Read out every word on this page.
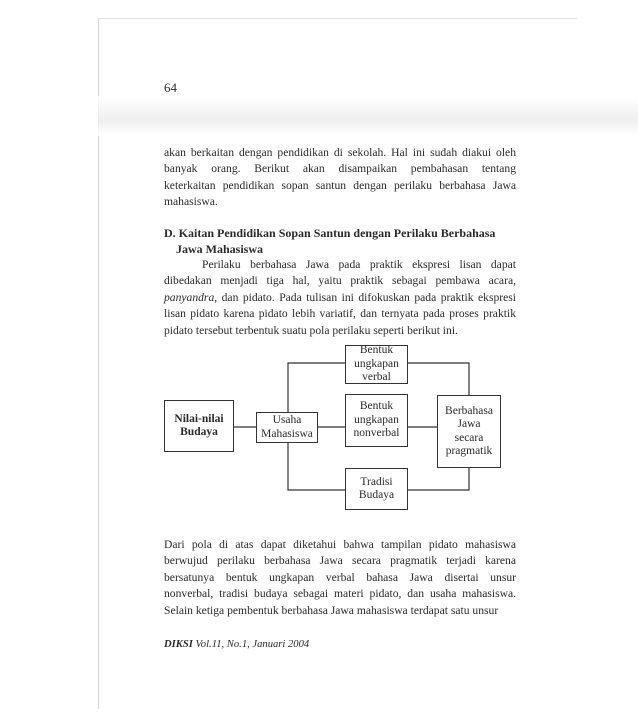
64

akan berkaitan dengan pendidikan di sekolah. Hal ini sudah diakui oleh
banyak orang. Berikut akan disampaikan pembahasan tentang
keterkaitan pendidikan sopan santun dengan perilaku berbahasa Jawa
mahasiswa.

D. Kaitan Pendidikan Sopan Santun dengan Perilaku Berbahasa
Jawa Mahasiswa

Perilaku berbahasa Jawa pada praktik ekspresi lisan dapat
dibedakan menjadi tiga hal, yaitu praktik sebagai pembawa acara,
panyandra, dan pidato. Pada tulisan ini difokuskan pada praktik ekspresi
lisan pidato karena pidato lebih variatif, dan ternyata pada proses praktik
pidato tersebut terbentuk suatu pola perilaku seperti berikut ini.

Nilai-nilai
Budaya
Usaha
Mahasiswa
Bentuk
ungkapan
verbal
Bentuk
ungkapan
nonverbal
Tradisi
Budaya
Berbahasa
Jawa
secara
pragmatik

Dari pola di atas dapat diketahui bahwa tampilan pidato mahasiswa
berwujud perilaku berbahasa Jawa secara pragmatik terjadi karena
bersatunya bentuk ungkapan verbal bahasa Jawa disertai unsur
nonverbal, tradisi budaya sebagai materi pidato, dan usaha mahasiswa.
Selain ketiga pembentuk berbahasa Jawa mahasiswa terdapat satu unsur

DIKSI Vol.11, No.1, Januari 2004
